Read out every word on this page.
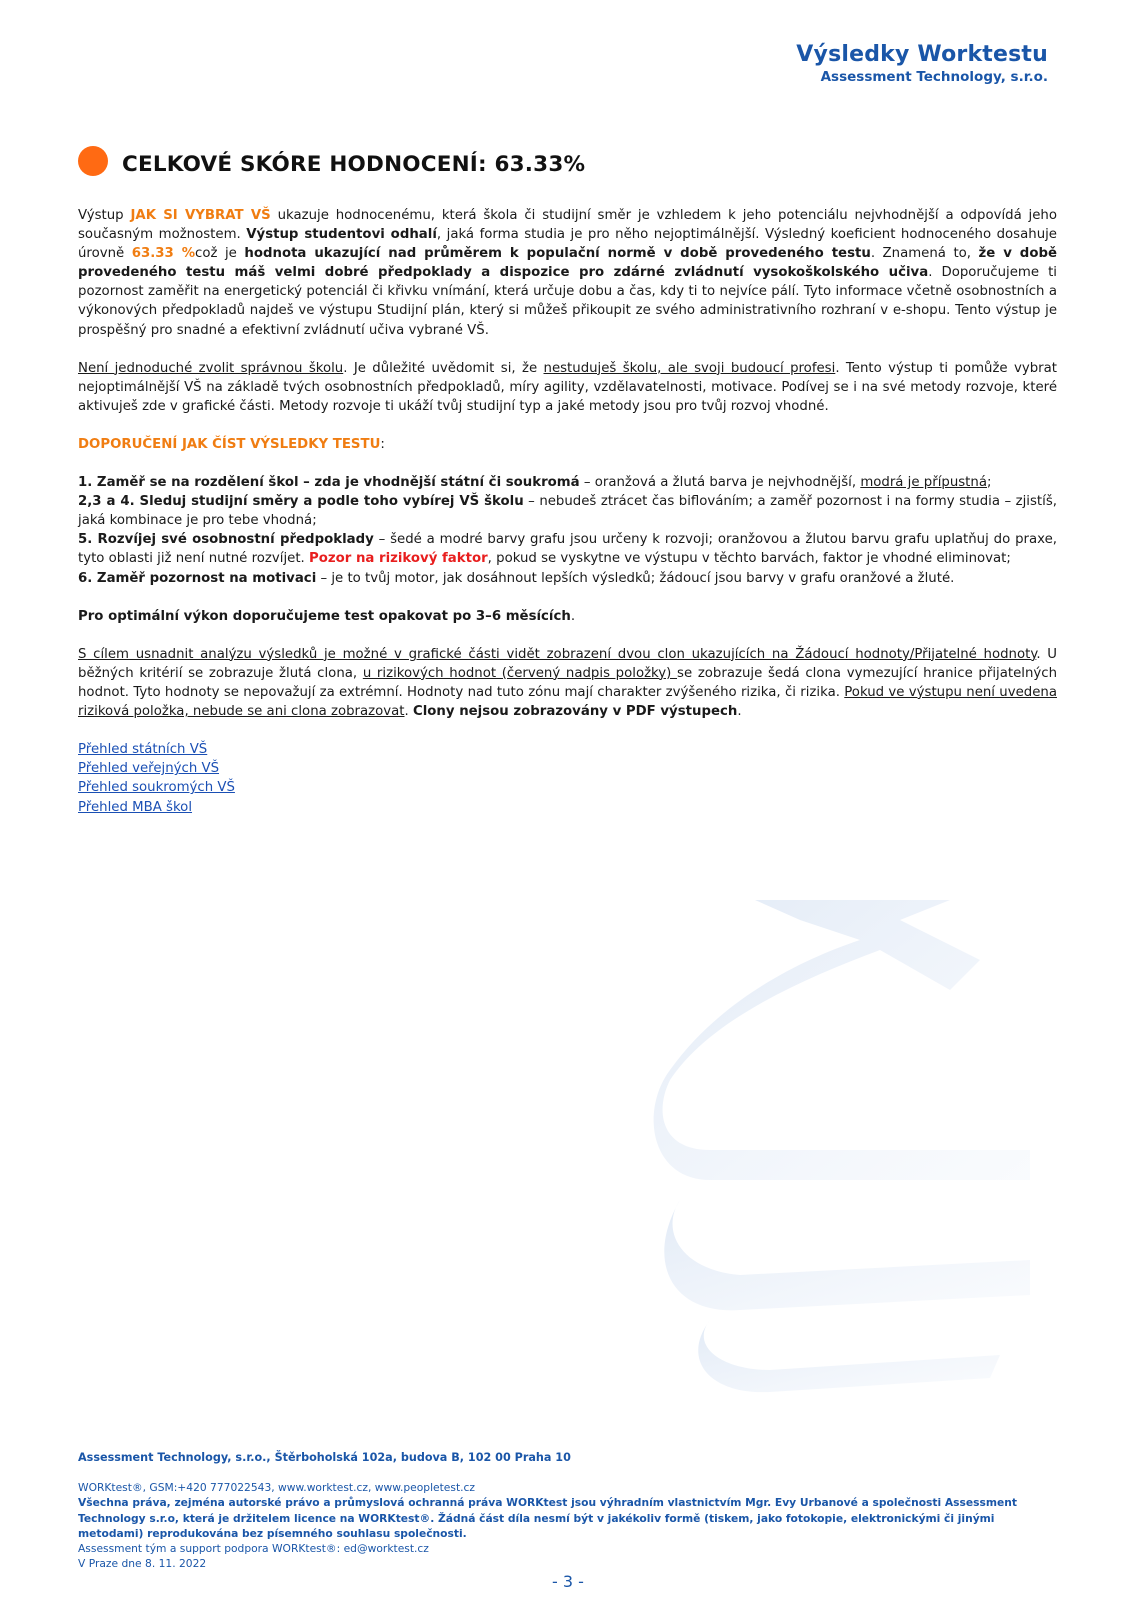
Výsledky Worktestu
Assessment Technology, s.r.o.
CELKOVÉ SKÓRE HODNOCENÍ: 63.33%

Výstup JAK SI VYBRAT VŠ ukazuje hodnocenému, která škola či studijní směr je vzhledem k jeho potenciálu nejvhodnější a odpovídá jeho současným možnostem. Výstup studentovi odhalí, jaká forma studia je pro něho nejoptimálnější. Výsledný koeficient hodnoceného dosahuje úrovně 63.33 %což je hodnota ukazující nad průměrem k populační normě v době provedeného testu. Znamená to, že v době provedeného testu máš velmi dobré předpoklady a dispozice pro zdárné zvládnutí vysokoškolského učiva. Doporučujeme ti pozornost zaměřit na energetický potenciál či křivku vnímání, která určuje dobu a čas, kdy ti to nejvíce pálí. Tyto informace včetně osobnostních a výkonových předpokladů najdeš ve výstupu Studijní plán, který si můžeš přikoupit ze svého administrativního rozhraní v e-shopu. Tento výstup je prospěšný pro snadné a efektivní zvládnutí učiva vybrané VŠ.

Není jednoduché zvolit správnou školu. Je důležité uvědomit si, že nestuduješ školu, ale svoji budoucí profesi. Tento výstup ti pomůže vybrat nejoptimálnější VŠ na základě tvých osobnostních předpokladů, míry agility, vzdělavatelnosti, motivace. Podívej se i na své metody rozvoje, které aktivuješ zde v grafické části. Metody rozvoje ti ukáží tvůj studijní typ a jaké metody jsou pro tvůj rozvoj vhodné.

DOPORUČENÍ JAK ČÍST VÝSLEDKY TESTU:

1. Zaměř se na rozdělení škol – zda je vhodnější státní či soukromá – oranžová a žlutá barva je nejvhodnější, modrá je přípustná;

2,3 a 4. Sleduj studijní směry a podle toho vybírej VŠ školu – nebudeš ztrácet čas biflováním; a zaměř pozornost i na formy studia – zjistíš, jaká kombinace je pro tebe vhodná;

5. Rozvíjej své osobnostní předpoklady – šedé a modré barvy grafu jsou určeny k rozvoji; oranžovou a žlutou barvu grafu uplatňuj do praxe, tyto oblasti již není nutné rozvíjet. Pozor na rizikový faktor, pokud se vyskytne ve výstupu v těchto barvách, faktor je vhodné eliminovat;

6. Zaměř pozornost na motivaci – je to tvůj motor, jak dosáhnout lepších výsledků; žádoucí jsou barvy v grafu oranžové a žluté.

Pro optimální výkon doporučujeme test opakovat po 3–6 měsících.

S cílem usnadnit analýzu výsledků je možné v grafické části vidět zobrazení dvou clon ukazujících na Žádoucí hodnoty/Přijatelné hodnoty. U běžných kritérií se zobrazuje žlutá clona, u rizikových hodnot (červený nadpis položky) se zobrazuje šedá clona vymezující hranice přijatelných hodnot. Tyto hodnoty se nepovažují za extrémní. Hodnoty nad tuto zónu mají charakter zvýšeného rizika, či rizika. Pokud ve výstupu není uvedena riziková položka, nebude se ani clona zobrazovat. Clony nejsou zobrazovány v PDF výstupech.

Přehled státních VŠ
Přehled veřejných VŠ
Přehled soukromých VŠ
Přehled MBA škol
Assessment Technology, s.r.o., Štěrboholská 102a, budova B, 102 00 Praha 10
WORKtest®, GSM:+420 777022543, www.worktest.cz, www.peopletest.cz
Všechna práva, zejména autorské právo a průmyslová ochranná práva WORKtest jsou výhradním vlastnictvím Mgr. Evy Urbanové a společnosti Assessment Technology s.r.o, která je držitelem licence na WORKtest®. Žádná část díla nesmí být v jakékoliv formě (tiskem, jako fotokopie, elektronickými či jinými metodami) reprodukována bez písemného souhlasu společnosti.
Assessment tým a support podpora WORKtest®: ed@worktest.cz
V Praze dne 8. 11. 2022
- 3 -
